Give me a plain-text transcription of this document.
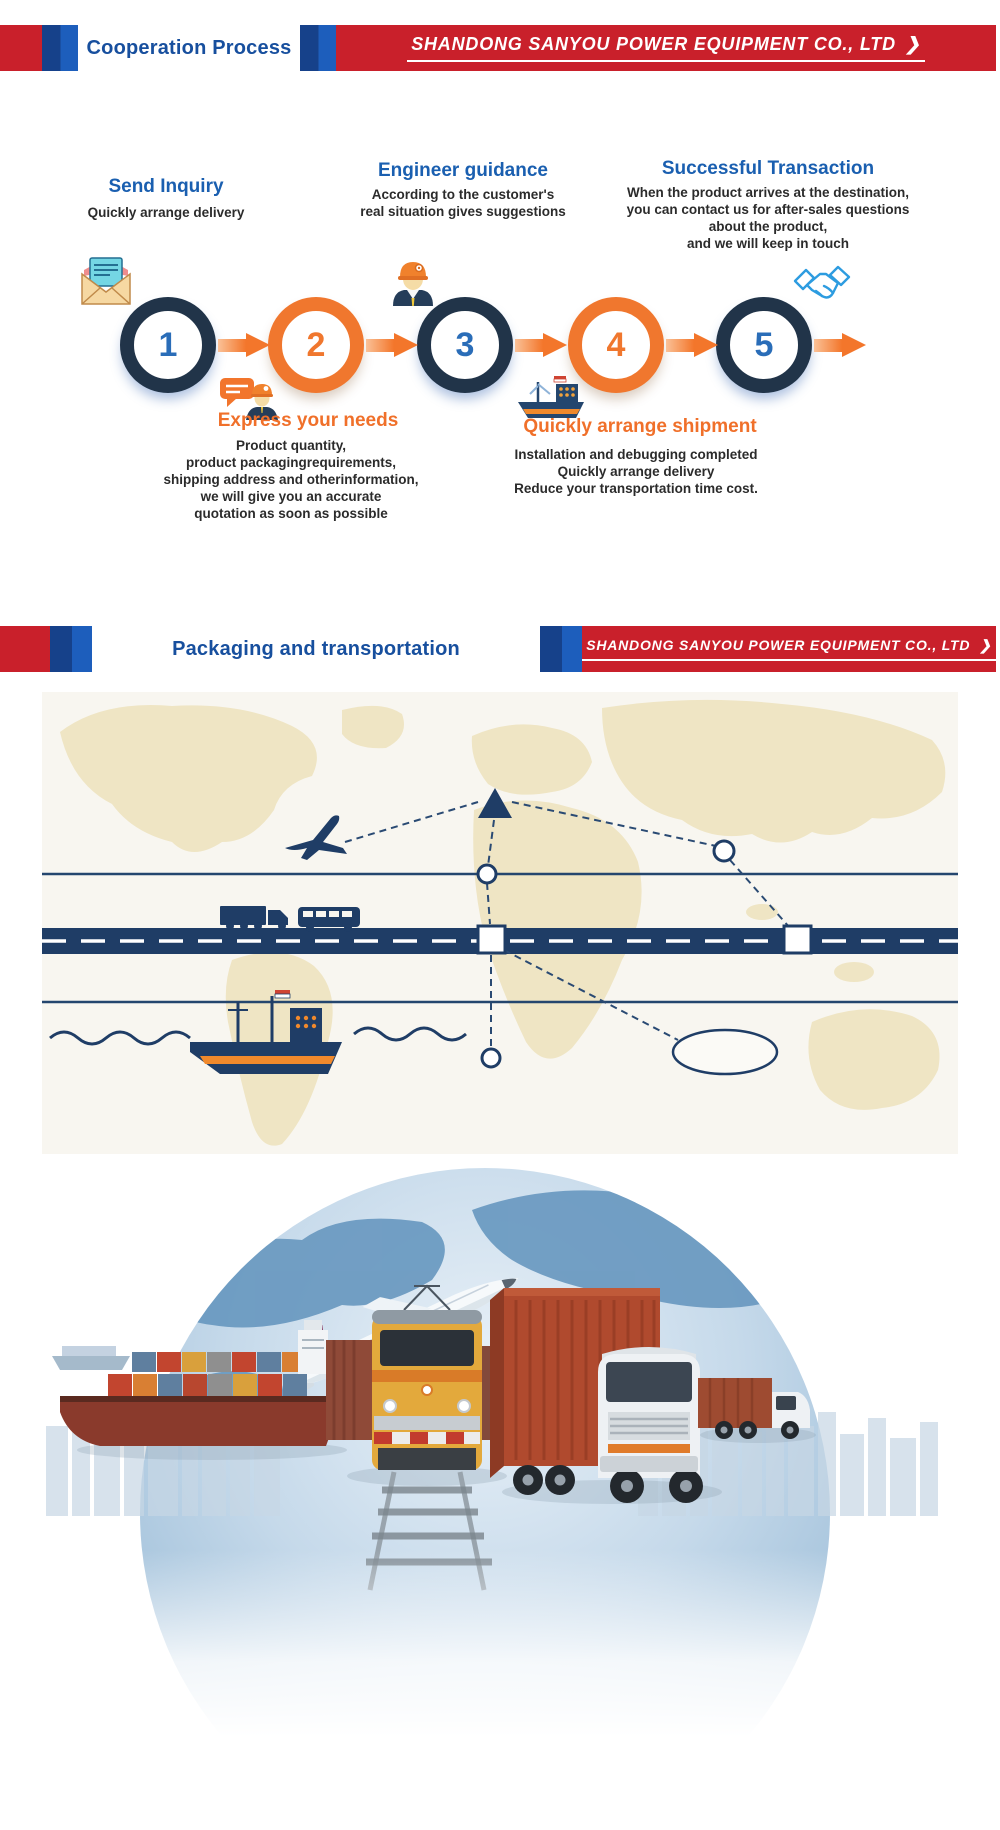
Cooperation Process	SHANDONG SANYOU POWER EQUIPMENT CO., LTD ❯
Send Inquiry
Quickly arrange delivery
Engineer guidance
According to the customer's
real situation gives suggestions
Successful Transaction
When the product arrives at the destination,
you can contact us for after-sales questions
about the product,
and we will keep in touch
1	2	3	4	5
Express your needs
Product quantity,
product packagingrequirements,
shipping address and otherinformation,
we will give you an accurate
quotation as soon as possible
Quickly arrange shipment
Installation and debugging completed
Quickly arrange delivery
Reduce your transportation time cost.
Packaging and transportation	SHANDONG SANYOU POWER EQUIPMENT CO., LTD ❯
